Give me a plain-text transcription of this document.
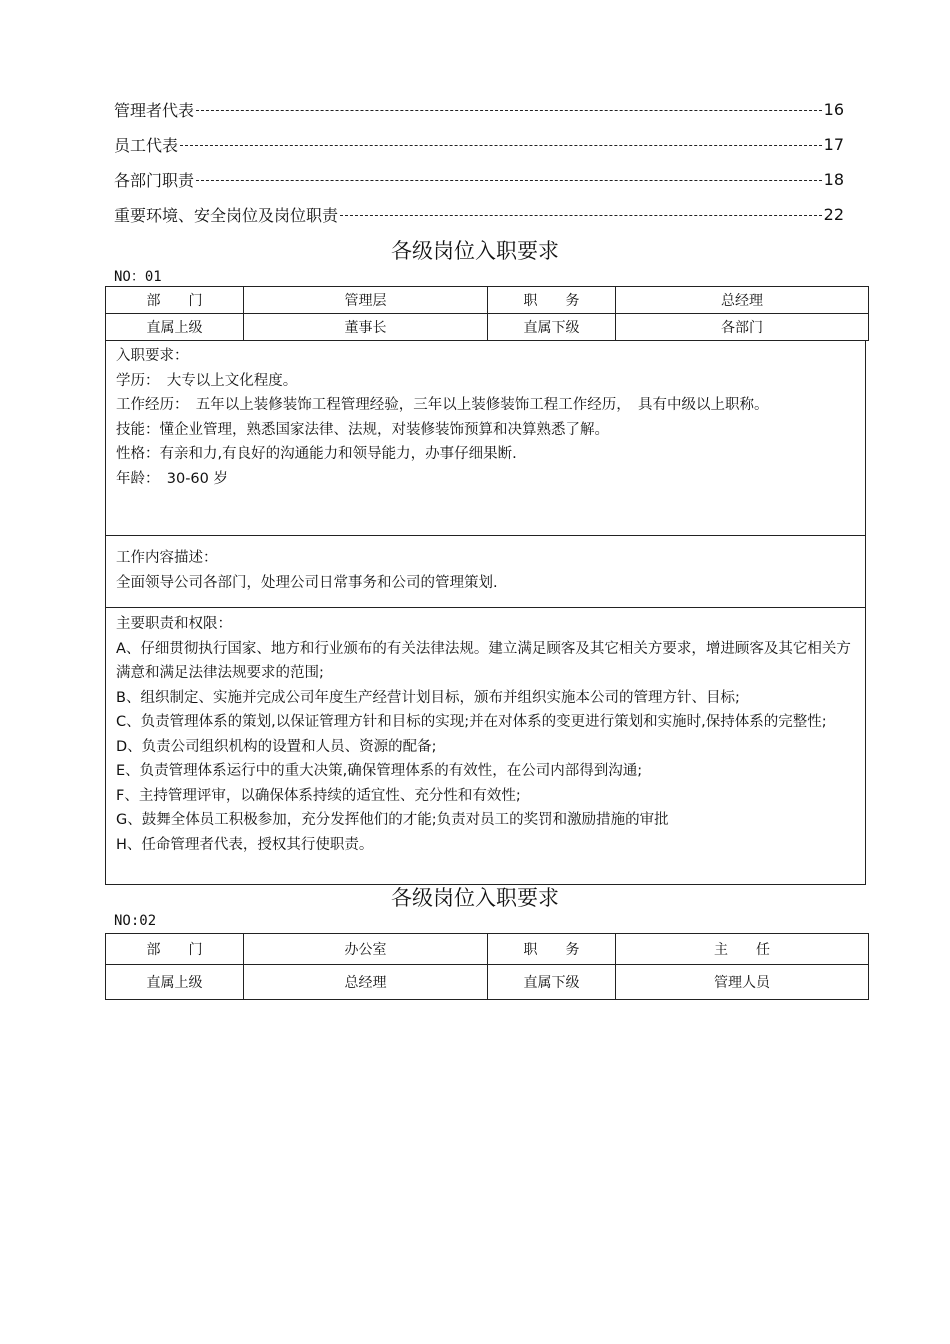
管理者代表	16
员工代表	17
各部门职责	18
重要环境、安全岗位及岗位职责	22
各级岗位入职要求
NO：01
部　　门	管理层	职　　务	总经理
直属上级	董事长	直属下级	各部门

入职要求：

学历：　大专以上文化程度。

工作经历：　五年以上装修装饰工程管理经验，三年以上装修装饰工程工作经历，　具有中级以上职称。

技能：懂企业管理，熟悉国家法律、法规，对装修装饰预算和决算熟悉了解。

性格：有亲和力,有良好的沟通能力和领导能力，办事仔细果断.

年龄：　30-60 岁

工作内容描述：

全面领导公司各部门，处理公司日常事务和公司的管理策划.

主要职责和权限：

A、仔细贯彻执行国家、地方和行业颁布的有关法律法规。建立满足顾客及其它相关方要求，增进顾客及其它相关方满意和满足法律法规要求的范围;

B、组织制定、实施并完成公司年度生产经营计划目标，颁布并组织实施本公司的管理方针、目标;

C、负责管理体系的策划,以保证管理方针和目标的实现;并在对体系的变更进行策划和实施时,保持体系的完整性;

D、负责公司组织机构的设置和人员、资源的配备;

E、负责管理体系运行中的重大决策,确保管理体系的有效性，在公司内部得到沟通;

F、主持管理评审，以确保体系持续的适宜性、充分性和有效性;

G、鼓舞全体员工积极参加，充分发挥他们的才能;负责对员工的奖罚和激励措施的审批

H、任命管理者代表，授权其行使职责。

各级岗位入职要求
NO:02
部　　门	办公室	职　　务	主　　任
直属上级	总经理	直属下级	管理人员
